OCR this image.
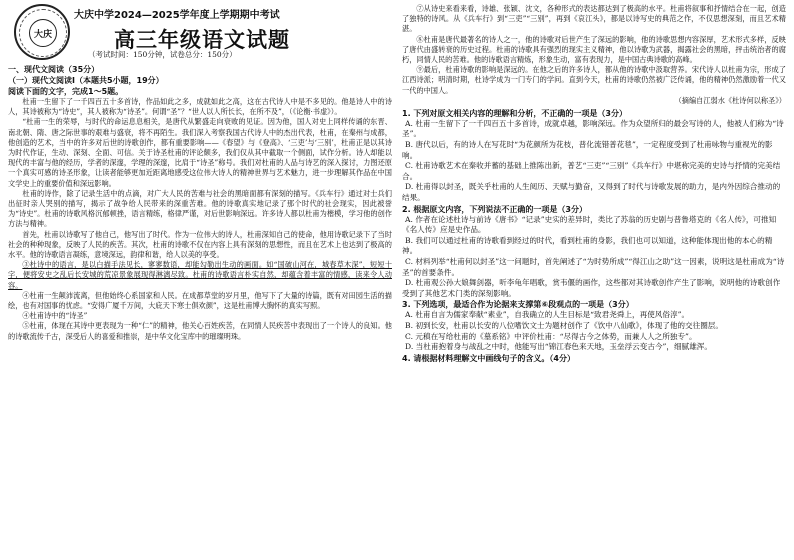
大庆
大庆中学2024—2025学年度上学期期中考试
高三年级语文试题
（考试时间：150分钟，试卷总分：150分）
一、现代文阅读（35分）
（一）现代文阅读Ⅰ（本题共5小题，19分）
阅读下面的文字，完成1～5题。

杜甫一生留下了一千四百五十多首诗，作品如此之多，成就如此之高，这在古代诗人中是不多见的。他是诗人中的诗人，其诗被称为“诗史”，其人被称为“诗圣”。何谓“圣”？“世人以人所长长，在所不及”，（《论衡·书虚》）。

“杜甫一生的荣辱，与时代的命运息息相关，是唐代从繁盛走向衰败的见证。因为他，国人对史上同样传诵的东晋、南北朝、隋、唐之际世事的艰难与盛衰，将不再陌生。我们深入考察我国古代诗人中的杰出代表，杜甫，在秦州与成都，他创造的艺术，当中的许多对后世的诗歌创作，都有重要影响——《春望》与《登高》、‘三吏’与‘三别’，杜甫正是以其诗为时代作证，生动、深刻、全面、可信。关于诗圣杜甫的评论颇多，我们仅从其中截取一个侧面，试作分析。诗人却能以现代的丰富与他的经历，学者的深邃，学理的深邃，比肩于“诗圣”称号。我们对杜甫的人品与诗艺的深入探讨，力图还原一个真实可感的诗圣形象，让读者能够更加近距离地感受这位伟大诗人的精神世界与艺术魅力，进一步理解其作品在中国文学史上的重要价值和深远影响。

杜甫的诗作，除了记录生活中的点滴，对广大人民的苦难与社会的黑暗面都有深刻的描写。《兵车行》通过对士兵们出征时亲人哭别的描写，揭示了战争给人民带来的深重苦难。他的诗歌真实地记录了那个时代的社会现实，因此被誉为“诗史”。杜甫的诗歌风格沉郁顿挫，语言精练，格律严谨，对后世影响深远。许多诗人都以杜甫为楷模，学习他的创作方法与精神。

首先，杜甫以诗歌写了他自己，他写出了时代。作为一位伟大的诗人，杜甫深知自己的使命，他用诗歌记录下了当时社会的种种现象，反映了人民的疾苦。其次，杜甫的诗歌不仅在内容上具有深刻的思想性，而且在艺术上也达到了极高的水平。他的诗歌语言凝练，意境深远，韵律和谐，给人以美的享受。

③杜诗中的语言，是以白描手法见长，寥寥数语，却能勾勒出生动的画面。如“国破山河在，城春草木深”，短短十字，便将安史之乱后长安城的荒凉景象展现得淋漓尽致。杜甫的诗歌语言朴实自然，却蕴含着丰富的情感，读来令人动容。

④杜甫一生颠沛流离，但他始终心系国家和人民。在成都草堂的岁月里，他写下了大量的诗篇，既有对田园生活的描绘，也有对国事的忧虑。“安得广厦千万间，大庇天下寒士俱欢颜”，这是杜甫博大胸怀的真实写照。

④杜甫诗中的“诗圣”

⑤杜甫，体现在其诗中更表现为一种“仁”的精神，他关心百姓疾苦，在同情人民疾苦中表现出了一个诗人的良知。他的诗歌流传千古，深受后人的喜爱和推崇，是中华文化宝库中的璀璨明珠。

⑦从诗史来看来看，诗雄、张颖、沈文，各种形式的表达都达到了极高的水平。杜甫将叙事和抒情结合在一起，创造了独特的诗风。从《兵车行》到“三吏”“三别”，再到《哀江头》，都是以诗写史的典范之作，不仅思想深刻，而且艺术精湛。

⑧杜甫是唐代最著名的诗人之一，他的诗歌对后世产生了深远的影响，他的诗歌思想内容深厚，艺术形式多样，反映了唐代由盛转衰的历史过程。杜甫的诗歌具有强烈的现实主义精神，他以诗歌为武器，揭露社会的黑暗，抨击统治者的腐朽，同情人民的苦难。他的诗歌语言精炼，形象生动，富有表现力，是中国古典诗歌的高峰。

⑨最后，杜甫诗歌的影响是深远的。在他之后的许多诗人，都从他的诗歌中汲取营养。宋代诗人以杜甫为宗，形成了江西诗派；明清时期，杜诗学成为一门专门的学问。直到今天，杜甫的诗歌仍然被广泛传诵，他的精神仍然激励着一代又一代的中国人。

（摘编自江弱水《杜诗何以称圣》）

1. 下列对原文相关内容的理解和分析，不正确的一项是（3分）

A. 杜甫一生留下了一千四百五十多首诗，成就卓越，影响深远。作为众望所归的最会写诗的人，他被人们称为“诗圣”。

B. 唐代以后，有的诗人在写花时“为花颜所为花枝，普化流错普花毯”，一定程度受到了杜甫咏物与重视光的影响。

C. 杜甫诗歌艺术在秦收并蓄的基础上推陈出新，普艺“三吏”“三别”《兵车行》中堪称完美的史诗与抒情的完美结合。

D. 杜甫得以封圣，既关乎杜甫的人生阅历、天赋与勤奋，又得到了时代与诗歌发展的助力，是内外因综合推动的结果。

2. 根据原文内容，下列说法不正确的一项是（3分）

A. 作者在论述杜诗与前诗《唐书》“记录”史实的差异时，类比了苏翁的历史剧与普鲁塔克的《名人传》，可推知《名人传》应是史作品。

B. 我们可以通过杜甫的诗歌看到经过的时代，看到杜甫的身影，我们也可以知道，这种能体现出他的本心的精神。

C. 材料列举“杜甫何以封圣”这一问题时，首先阐述了“为时势所成”“得江山之助”这一因素，说明这是杜甫成为“诗圣”的首要条件。

D. 杜甫观公孙大娘舞剑器，听李龟年唱歌，赏韦偃的画作，这些都对其诗歌创作产生了影响，说明他的诗歌创作受到了其他艺术门类的深刻影响。

3. 下列选项，最适合作为论据来支撑第⑥段观点的一项是（3分）

A. 杜甫自言为儒家奉献“素业”，自我确立的人生目标是“致君尧舜上，再使风俗淳”。

B. 初到长安，杜甫以长安的八位嗜饮文士为题材创作了《饮中八仙歌》，体现了他的交往圈层。

C. 元稹在写给杜甫的《墓系铭》中评价杜甫：“尽得古今之体势，而兼人人之所独专”。

D. 当杜甫抱着身与战乱之中时，他能写出“锦江春色来天地，玉垒浮云变古今”，细腻雄浑。

4. 请根据材料理解文中画线句子的含义。（4分）
